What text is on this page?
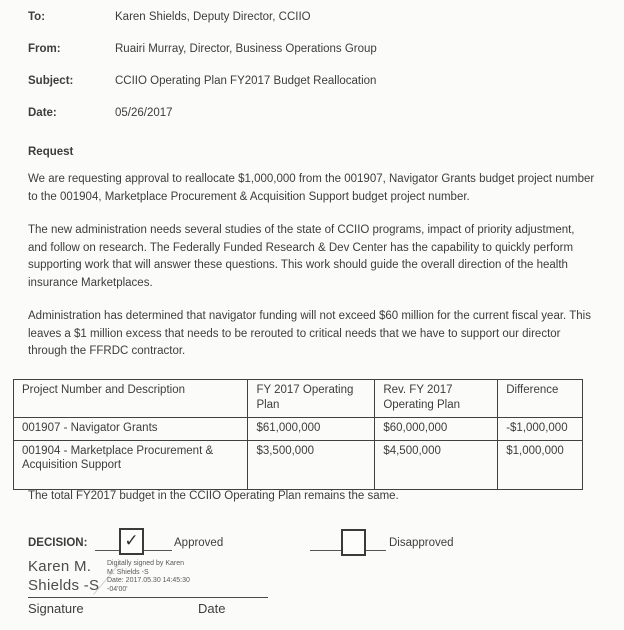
To:	Karen Shields, Deputy Director, CCIIO
From:	Ruairi Murray, Director, Business Operations Group
Subject:	CCIIO Operating Plan FY2017 Budget Reallocation
Date:	05/26/2017
Request

We are requesting approval to reallocate $1,000,000 from the 001907, Navigator Grants budget project number to the 001904, Marketplace Procurement & Acquisition Support budget project number.

The new administration needs several studies of the state of CCIIO programs, impact of priority adjustment, and follow on research. The Federally Funded Research & Dev Center has the capability to quickly perform supporting work that will answer these questions. This work should guide the overall direction of the health insurance Marketplaces.

Administration has determined that navigator funding will not exceed $60 million for the current fiscal year. This leaves a $1 million excess that needs to be rerouted to critical needs that we have to support our director through the FFRDC contractor.

Project Number and Description	FY 2017 Operating Plan	Rev. FY 2017 Operating Plan	Difference
001907 - Navigator Grants	$61,000,000	$60,000,000	-$1,000,000
001904 - Marketplace Procurement & Acquisition Support	$3,500,000	$4,500,000	$1,000,000
The total FY2017 budget in the CCIIO Operating Plan remains the same.
DECISION: ✓	Approved	Disapproved
Karen M.
Shields -S
Digitally signed by Karen
M. Shields -S
Date: 2017.05.30 14:45:30
-04'00'
Signature	Date
